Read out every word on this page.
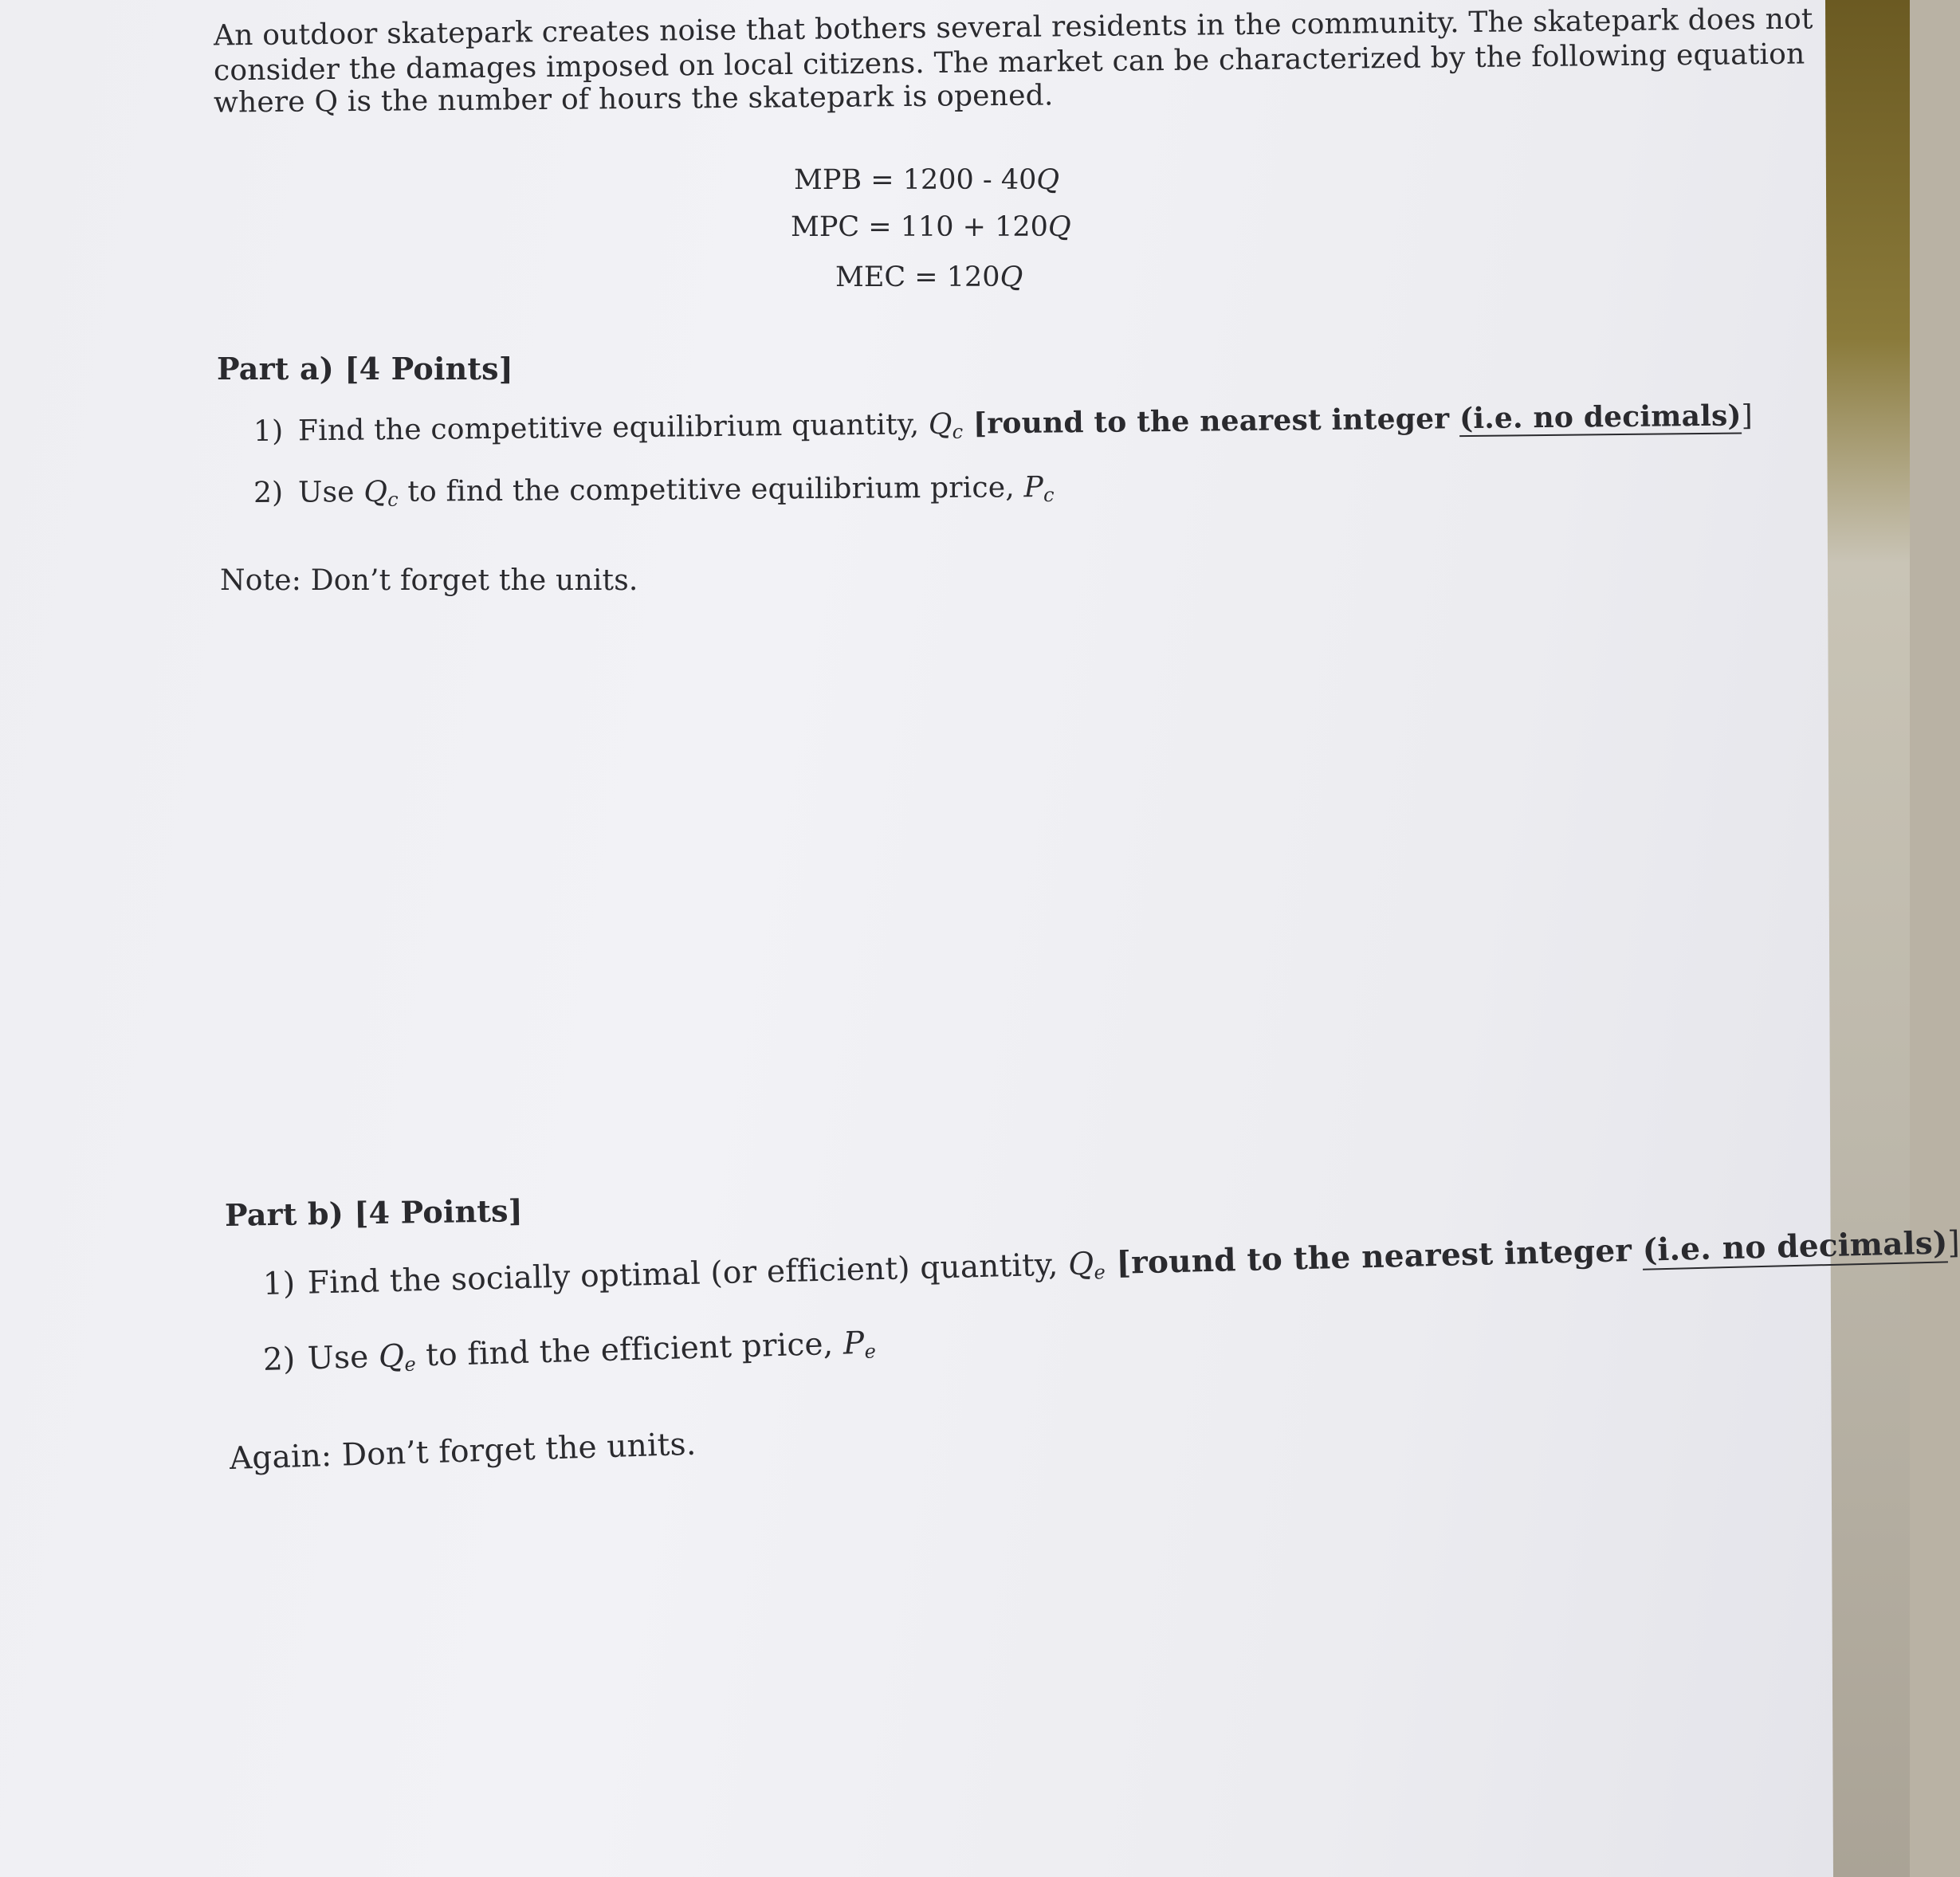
An outdoor skatepark creates noise that bothers several residents in the community. The skatepark does not
consider the damages imposed on local citizens. The market can be characterized by the following equation
where Q is the number of hours the skatepark is opened.
MPB = 1200 - 40Q
MPC = 110 + 120Q
MEC = 120Q
Part a) [4 Points]
1) Find the competitive equilibrium quantity, $Q_c$ [round to the nearest integer (i.e. no decimals)]
2) Use $Q_c$ to find the competitive equilibrium price, $P_c$
Note: Don’t forget the units.
Part b) [4 Points]
1) Find the socially optimal (or efficient) quantity, $Q_e$ [round to the nearest integer (i.e. no decimals)]
2) Use $Q_e$ to find the efficient price, $P_e$
Again: Don’t forget the units.
